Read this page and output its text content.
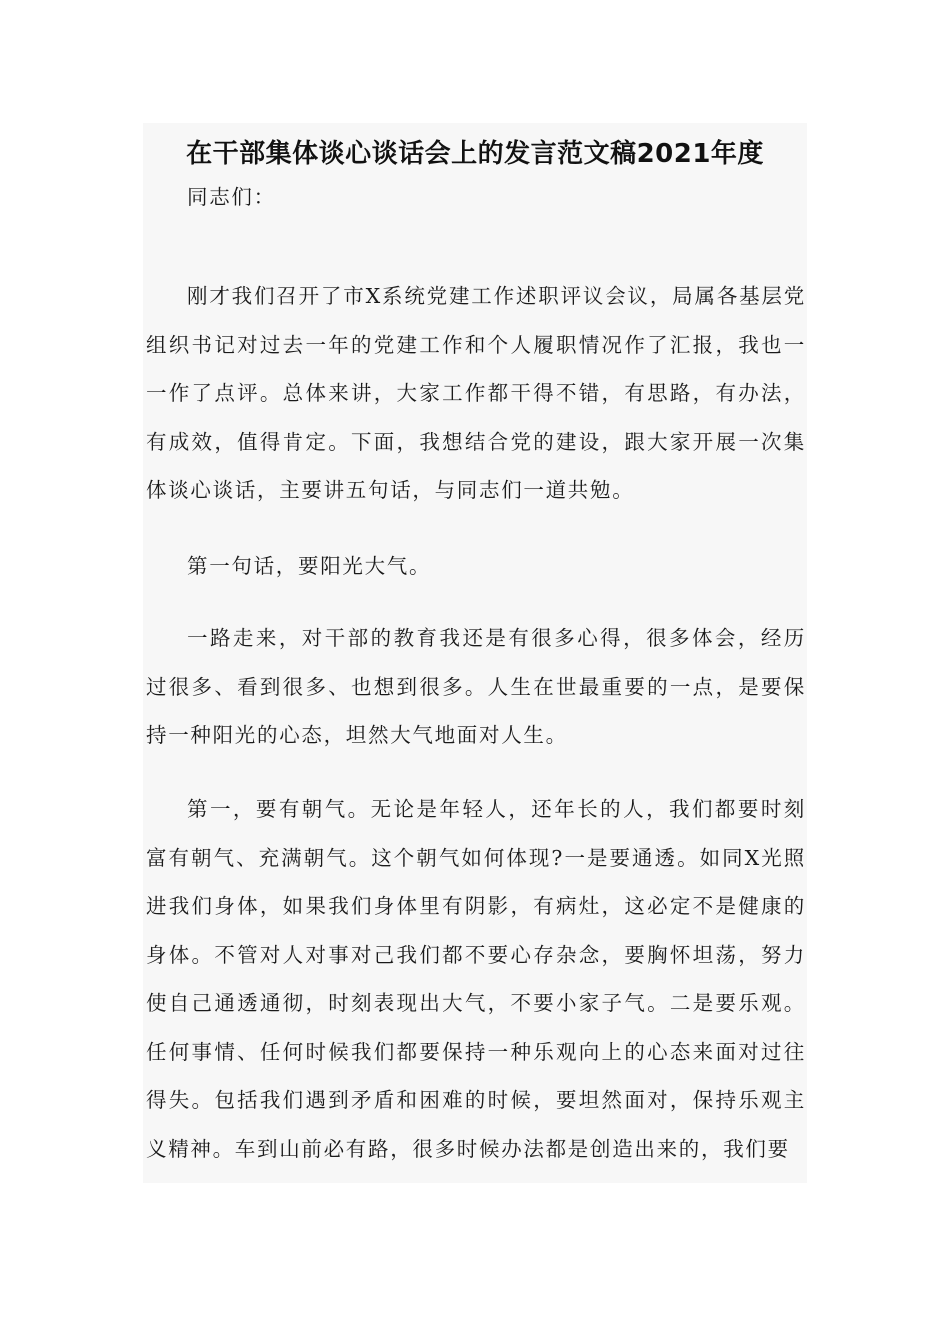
在干部集体谈心谈话会上的发言范文稿2021年度

同志们：

刚才我们召开了市X系统党建工作述职评议会议，局属各基层党组织书记对过去一年的党建工作和个人履职情况作了汇报，我也一一作了点评。总体来讲，大家工作都干得不错，有思路，有办法，有成效，值得肯定。下面，我想结合党的建设，跟大家开展一次集体谈心谈话，主要讲五句话，与同志们一道共勉。

第一句话，要阳光大气。

一路走来，对干部的教育我还是有很多心得，很多体会，经历过很多、看到很多、也想到很多。人生在世最重要的一点，是要保持一种阳光的心态，坦然大气地面对人生。

第一，要有朝气。无论是年轻人，还年长的人，我们都要时刻富有朝气、充满朝气。这个朝气如何体现?一是要通透。如同X光照进我们身体，如果我们身体里有阴影，有病灶，这必定不是健康的身体。不管对人对事对己我们都不要心存杂念，要胸怀坦荡，努力使自己通透通彻，时刻表现出大气，不要小家子气。二是要乐观。任何事情、任何时候我们都要保持一种乐观向上的心态来面对过往得失。包括我们遇到矛盾和困难的时候，要坦然面对，保持乐观主义精神。车到山前必有路，很多时候办法都是创造出来的，我们要
